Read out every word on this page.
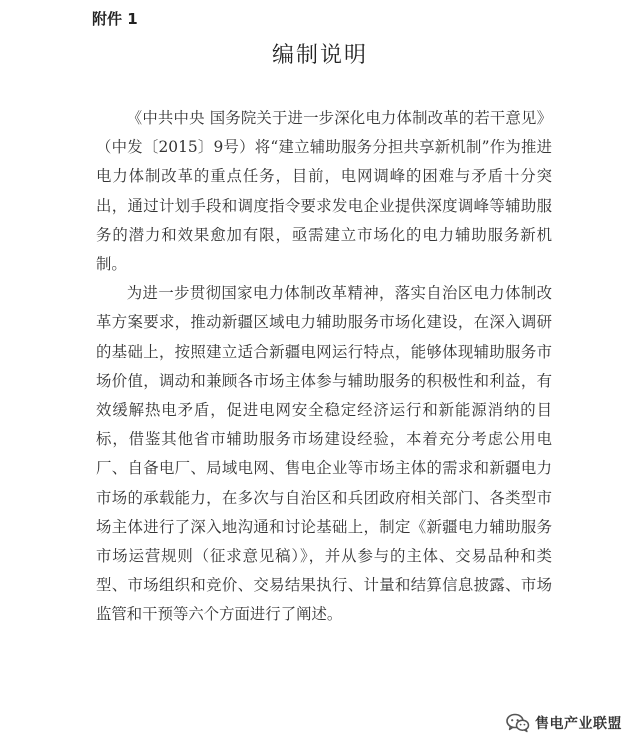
附件 1
编制说明

《中共中央 国务院关于进一步深化电力体制改革的若干意见》（中发〔2015〕9号）将“建立辅助服务分担共享新机制”作为推进电力体制改革的重点任务，目前，电网调峰的困难与矛盾十分突出，通过计划手段和调度指令要求发电企业提供深度调峰等辅助服务的潜力和效果愈加有限，亟需建立市场化的电力辅助服务新机制。

为进一步贯彻国家电力体制改革精神，落实自治区电力体制改革方案要求，推动新疆区域电力辅助服务市场化建设，在深入调研的基础上，按照建立适合新疆电网运行特点，能够体现辅助服务市场价值，调动和兼顾各市场主体参与辅助服务的积极性和利益，有效缓解热电矛盾，促进电网安全稳定经济运行和新能源消纳的目标，借鉴其他省市辅助服务市场建设经验，本着充分考虑公用电厂、自备电厂、局域电网、售电企业等市场主体的需求和新疆电力市场的承载能力，在多次与自治区和兵团政府相关部门、各类型市场主体进行了深入地沟通和讨论基础上，制定《新疆电力辅助服务市场运营规则（征求意见稿）》，并从参与的主体、交易品种和类型、市场组织和竞价、交易结果执行、计量和结算信息披露、市场监管和干预等六个方面进行了阐述。

售电产业联盟
